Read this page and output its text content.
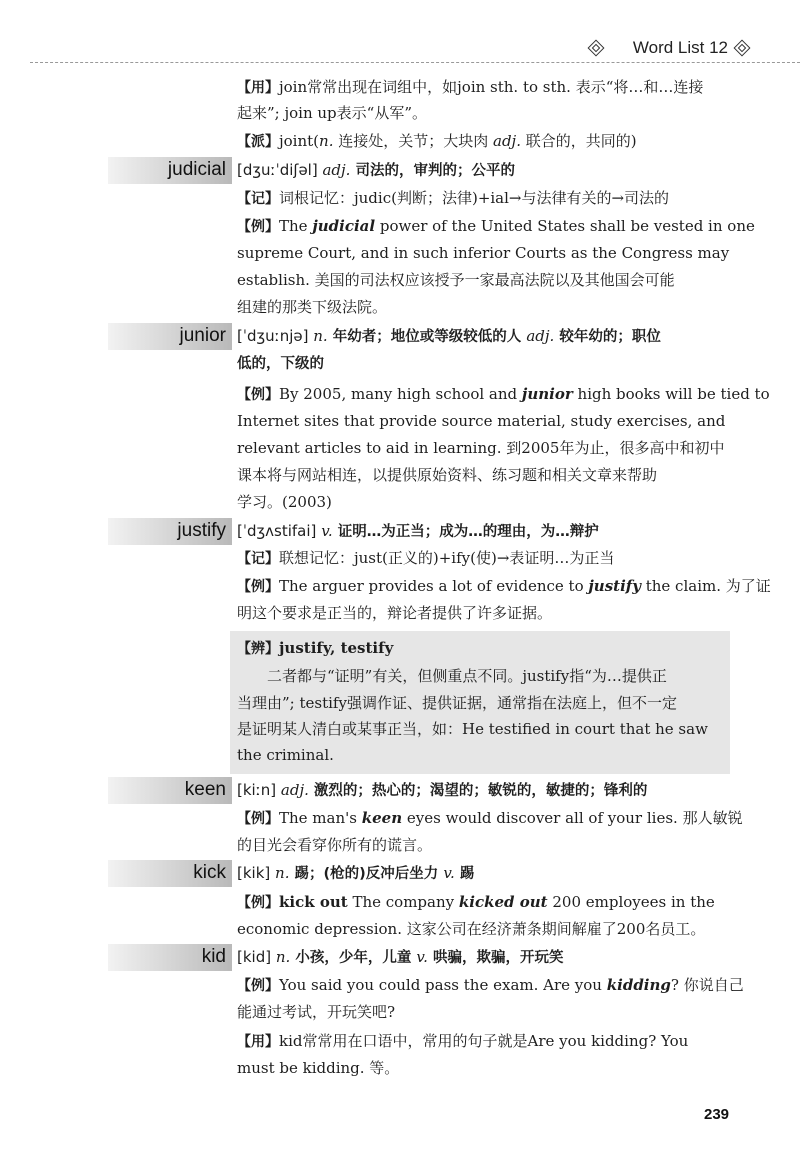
Word List 12
【用】join常常出现在词组中，如join sth. to sth. 表示“将…和…连接
起来”; join up表示“从军”。
【派】joint(n. 连接处，关节；大块肉 adj. 联合的，共同的)
judicial [dʒuːˈdiʃəl] adj. 司法的，审判的；公平的
【记】词根记忆：judic(判断；法律)+ial→与法律有关的→司法的
【例】The judicial power of the United States shall be vested in one
supreme Court, and in such inferior Courts as the Congress may
establish. 美国的司法权应该授予一家最高法院以及其他国会可能
组建的那类下级法院。
junior [ˈdʒuːnjə] n. 年幼者；地位或等级较低的人 adj. 较年幼的；职位
低的，下级的
【例】By 2005, many high school and junior high books will be tied to
Internet sites that provide source material, study exercises, and
relevant articles to aid in learning. 到2005年为止，很多高中和初中
课本将与网站相连，以提供原始资料、练习题和相关文章来帮助
学习。(2003)
justify [ˈdʒʌstifai] v. 证明…为正当；成为…的理由，为…辩护
【记】联想记忆：just(正义的)+ify(使)→表证明…为正当
【例】The arguer provides a lot of evidence to justify the claim. 为了证
明这个要求是正当的，辩论者提供了许多证据。
【辨】justify, testify
二者都与“证明”有关，但侧重点不同。justify指“为…提供正
当理由”; testify强调作证、提供证据，通常指在法庭上，但不一定
是证明某人清白或某事正当，如：He testified in court that he saw
the criminal.
keen [kiːn] adj. 激烈的；热心的；渴望的；敏锐的，敏捷的；锋利的
【例】The man's keen eyes would discover all of your lies. 那人敏锐
的目光会看穿你所有的谎言。
kick [kik] n. 踢；(枪的)反冲后坐力 v. 踢
【例】kick out The company kicked out 200 employees in the
economic depression. 这家公司在经济萧条期间解雇了200名员工。
kid [kid] n. 小孩，少年，儿童 v. 哄骗，欺骗，开玩笑
【例】You said you could pass the exam. Are you kidding? 你说自己
能通过考试，开玩笑吧?
【用】kid常常用在口语中，常用的句子就是Are you kidding? You
must be kidding. 等。
239
